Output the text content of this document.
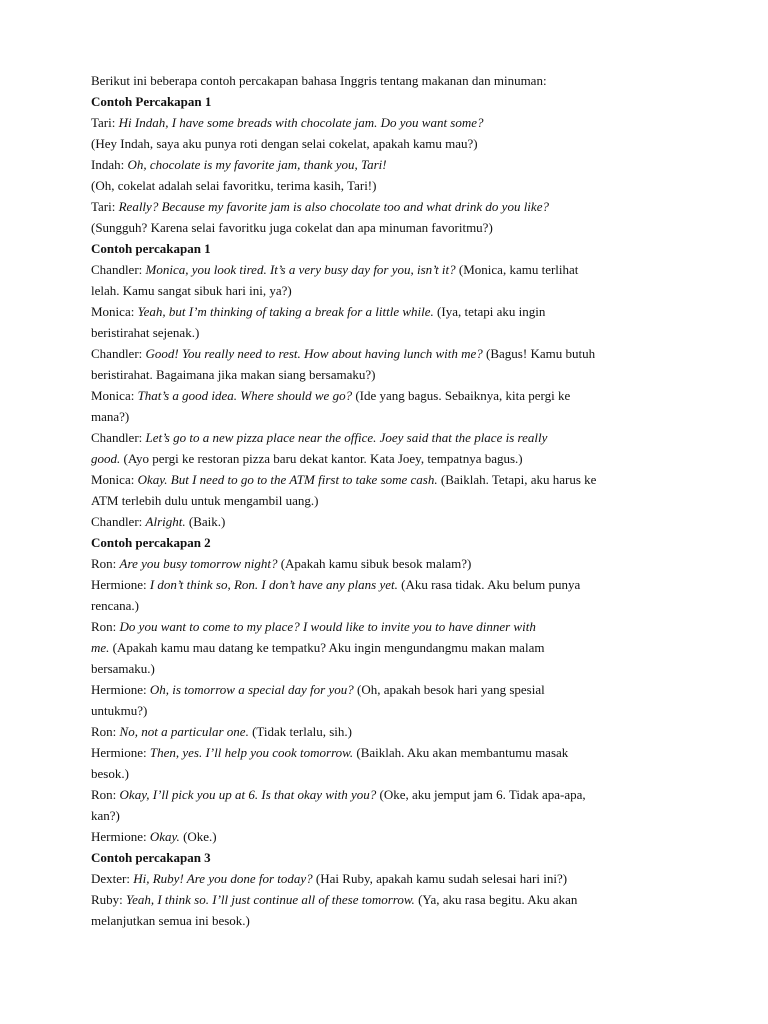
Berikut ini beberapa contoh percakapan bahasa Inggris tentang makanan dan minuman:
Contoh Percakapan 1
Tari: Hi Indah, I have some breads with chocolate jam. Do you want some?
(Hey Indah, saya aku punya roti dengan selai cokelat, apakah kamu mau?)
Indah: Oh, chocolate is my favorite jam, thank you, Tari!
(Oh, cokelat adalah selai favoritku, terima kasih, Tari!)
Tari: Really? Because my favorite jam is also chocolate too and what drink do you like?
(Sungguh? Karena selai favoritku juga cokelat dan apa minuman favoritmu?)
Contoh percakapan 1
Chandler: Monica, you look tired. It’s a very busy day for you, isn’t it? (Monica, kamu terlihat
lelah. Kamu sangat sibuk hari ini, ya?)
Monica: Yeah, but I’m thinking of taking a break for a little while. (Iya, tetapi aku ingin
beristirahat sejenak.)
Chandler: Good! You really need to rest. How about having lunch with me? (Bagus! Kamu butuh
beristirahat. Bagaimana jika makan siang bersamaku?)
Monica: That’s a good idea. Where should we go? (Ide yang bagus. Sebaiknya, kita pergi ke
mana?)
Chandler: Let’s go to a new pizza place near the office. Joey said that the place is really
good. (Ayo pergi ke restoran pizza baru dekat kantor. Kata Joey, tempatnya bagus.)
Monica: Okay. But I need to go to the ATM first to take some cash. (Baiklah. Tetapi, aku harus ke
ATM terlebih dulu untuk mengambil uang.)
Chandler: Alright. (Baik.)
Contoh percakapan 2
Ron: Are you busy tomorrow night? (Apakah kamu sibuk besok malam?)
Hermione: I don’t think so, Ron. I don’t have any plans yet. (Aku rasa tidak. Aku belum punya
rencana.)
Ron: Do you want to come to my place? I would like to invite you to have dinner with
me. (Apakah kamu mau datang ke tempatku? Aku ingin mengundangmu makan malam
bersamaku.)
Hermione: Oh, is tomorrow a special day for you? (Oh, apakah besok hari yang spesial
untukmu?)
Ron: No, not a particular one. (Tidak terlalu, sih.)
Hermione: Then, yes. I’ll help you cook tomorrow. (Baiklah. Aku akan membantumu masak
besok.)
Ron: Okay, I’ll pick you up at 6. Is that okay with you? (Oke, aku jemput jam 6. Tidak apa-apa,
kan?)
Hermione: Okay. (Oke.)
Contoh percakapan 3
Dexter: Hi, Ruby! Are you done for today? (Hai Ruby, apakah kamu sudah selesai hari ini?)
Ruby: Yeah, I think so. I’ll just continue all of these tomorrow. (Ya, aku rasa begitu. Aku akan
melanjutkan semua ini besok.)
